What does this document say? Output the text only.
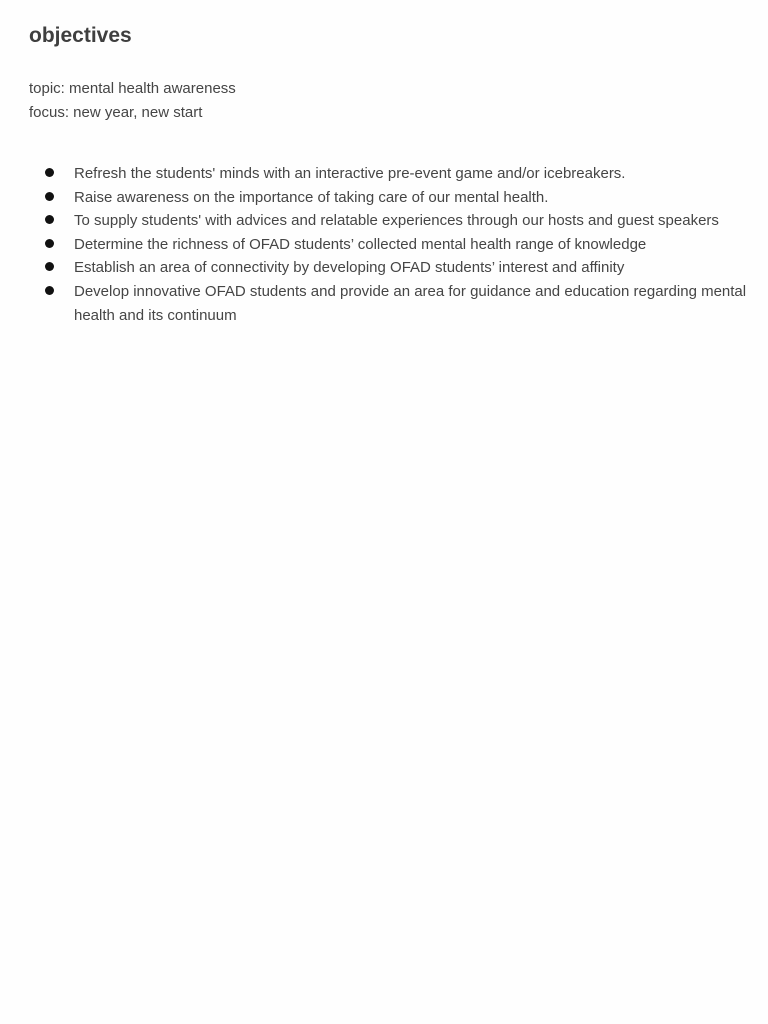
objectives
topic: mental health awareness
focus: new year, new start
Refresh the students' minds with an interactive pre-event game and/or icebreakers.
Raise awareness on the importance of taking care of our mental health.
To supply students' with advices and relatable experiences through our hosts and guest speakers
Determine the richness of OFAD students’ collected mental health range of knowledge
Establish an area of connectivity by developing OFAD students’ interest and affinity
Develop innovative OFAD students and provide an area for guidance and education regarding mental health and its continuum
